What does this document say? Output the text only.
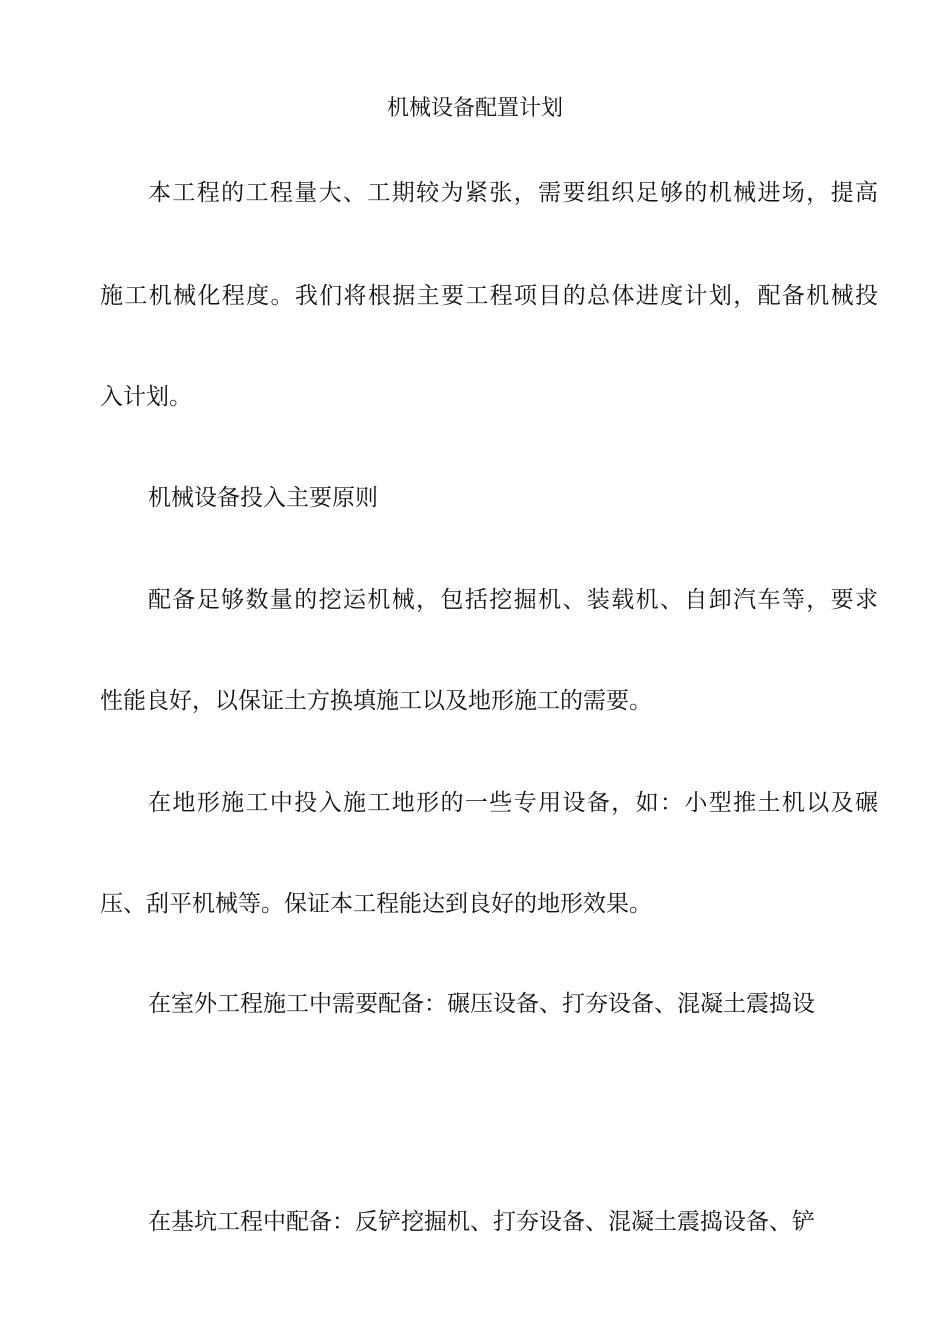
机械设备配置计划
本工程的工程量大、工期较为紧张，需要组织足够的机械进场，提高
施工机械化程度。我们将根据主要工程项目的总体进度计划，配备机械投
入计划。
机械设备投入主要原则
配备足够数量的挖运机械，包括挖掘机、装载机、自卸汽车等，要求
性能良好，以保证土方换填施工以及地形施工的需要。
在地形施工中投入施工地形的一些专用设备，如：小型推土机以及碾
压、刮平机械等。保证本工程能达到良好的地形效果。
在室外工程施工中需要配备：碾压设备、打夯设备、混凝土震捣设
在基坑工程中配备：反铲挖掘机、打夯设备、混凝土震捣设备、铲
